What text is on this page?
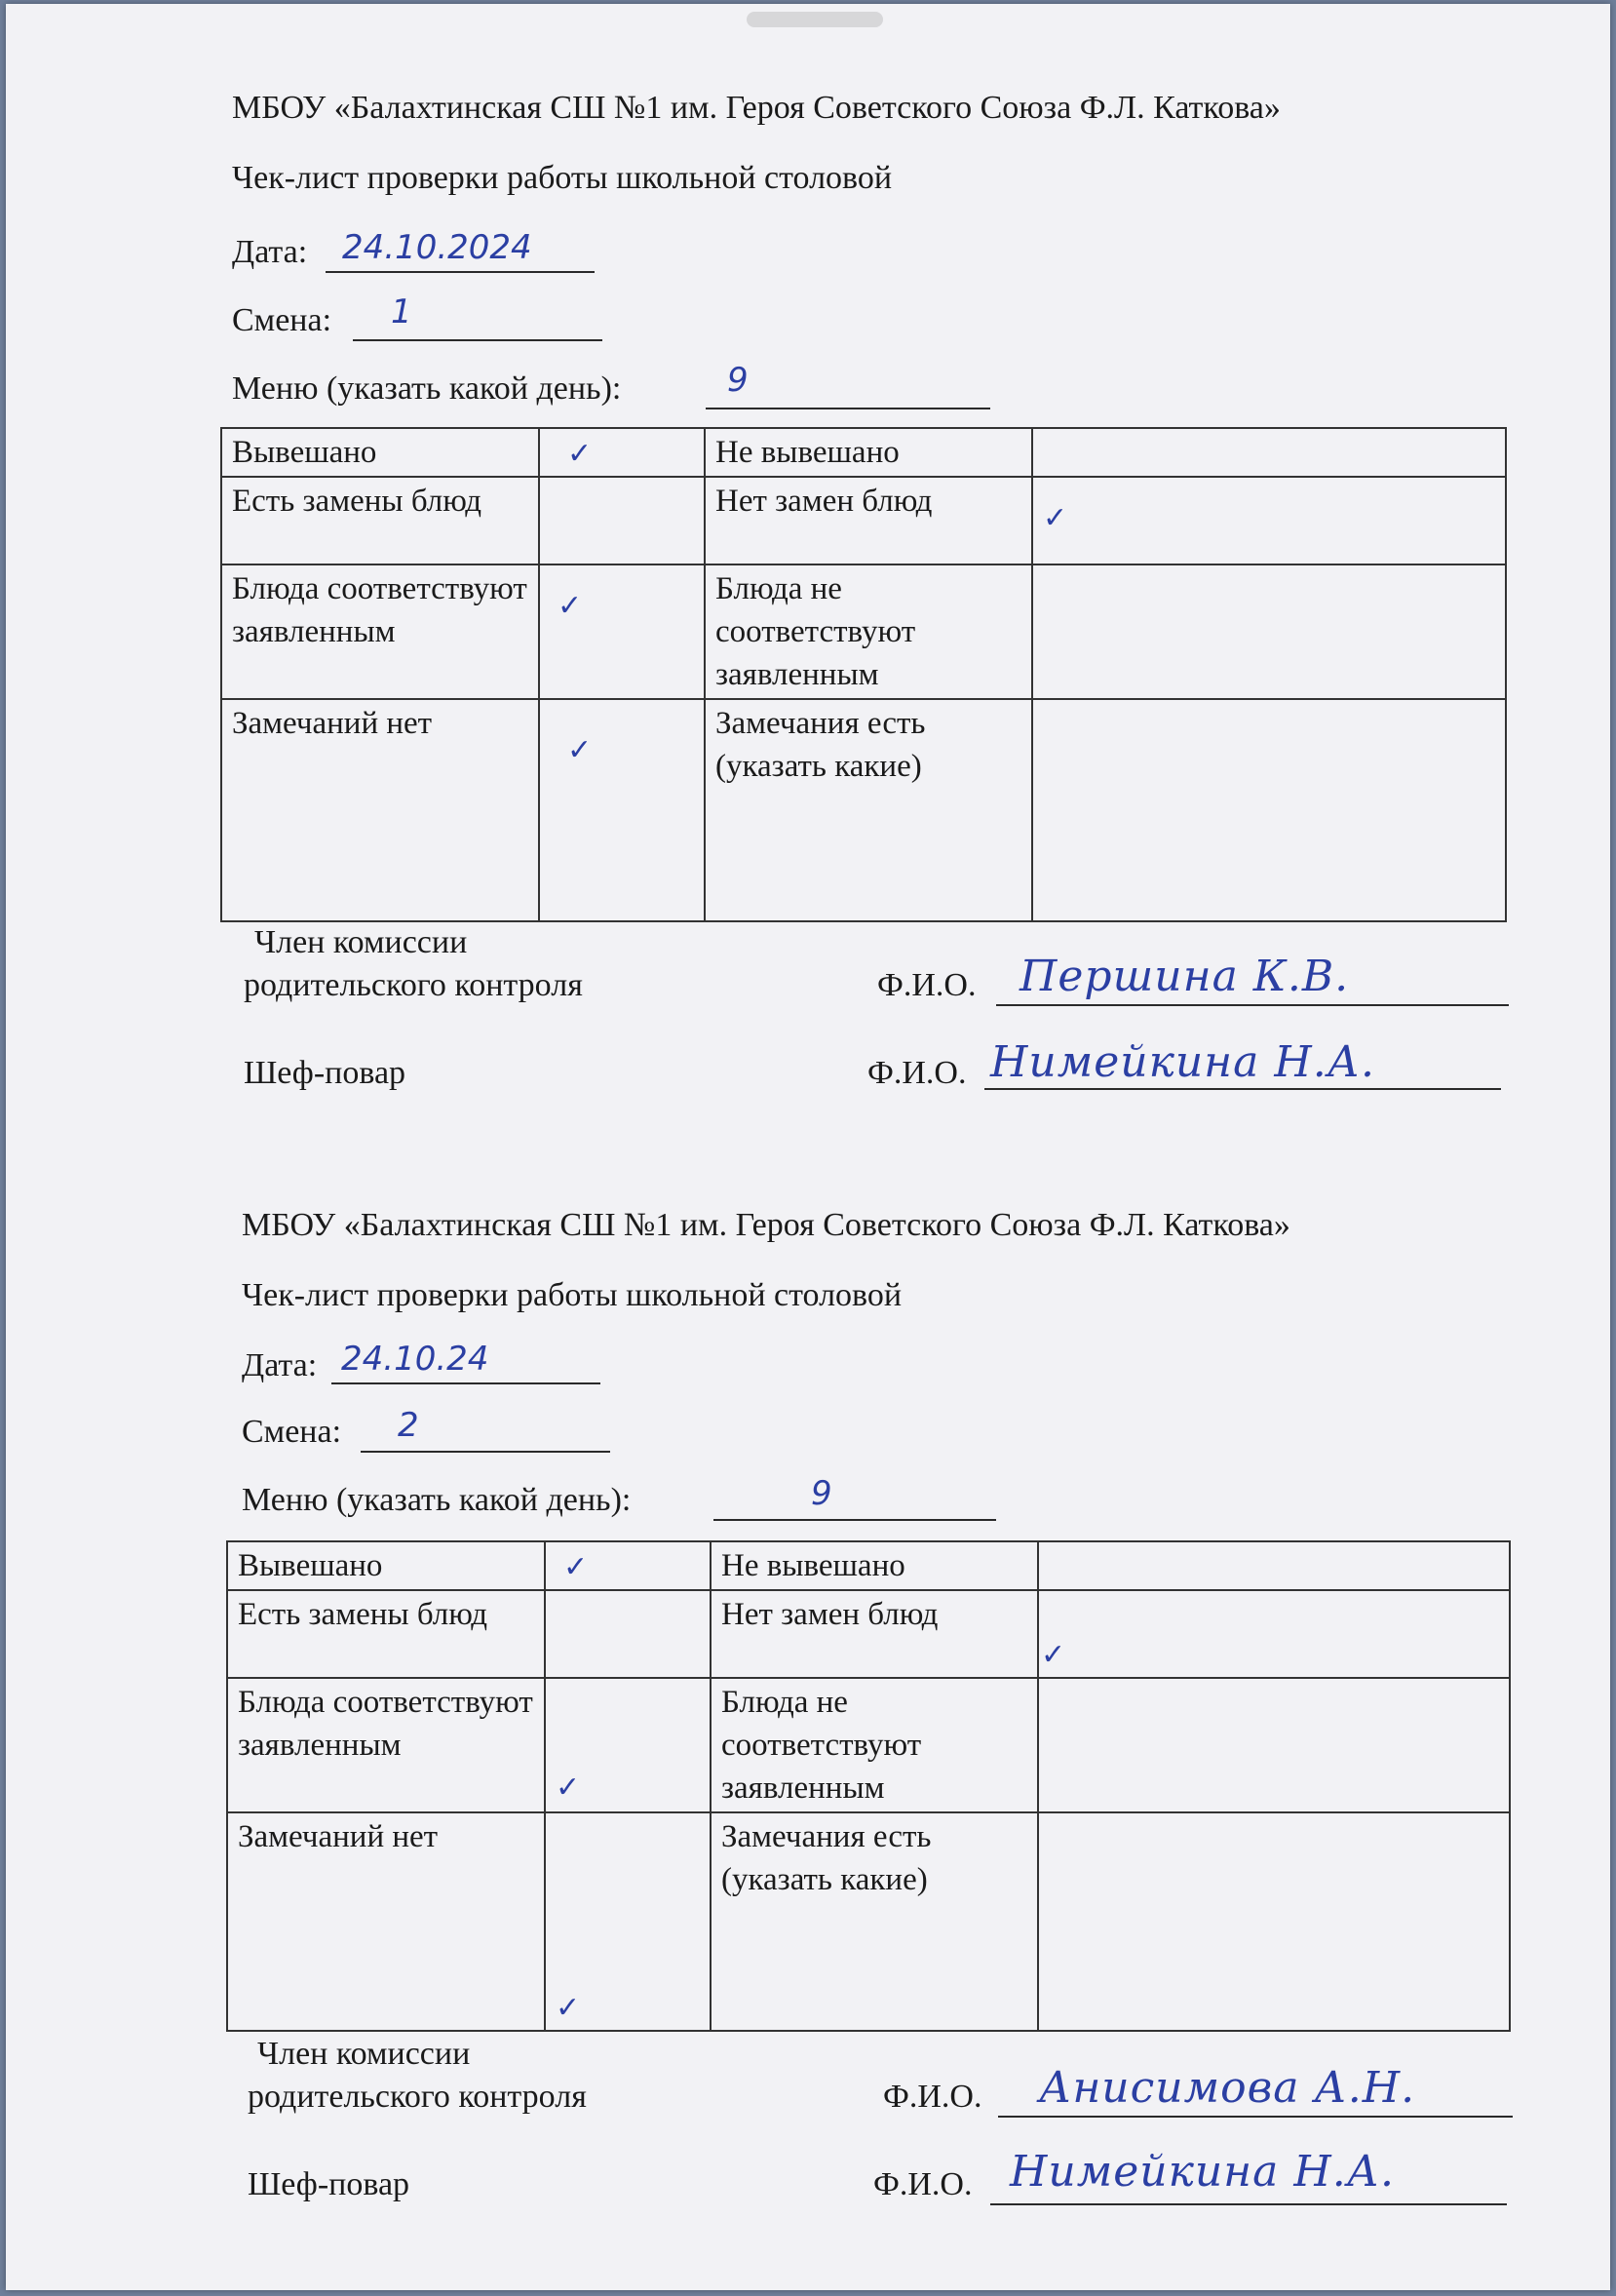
МБОУ «Балахтинская СШ №1 им. Героя Советского Союза Ф.Л. Каткова»
Чек-лист проверки работы школьной столовой
Дата: 24.10.2024
Смена: 1
Меню (указать какой день):	9
Вывешано	✓	Не вывешано	

Есть замены блюд		Нет замен блюд	✓

Блюда соответствуют заявленным	✓	Блюда не соответствуют заявленным	

Замечаний нет	✓	Замечания есть (указать какие)	
Член комиссии
родительского контроля	Ф.И.О. Першина К.В.
Шеф-повар	Ф.И.О. Нимейкина Н.А.
МБОУ «Балахтинская СШ №1 им. Героя Советского Союза Ф.Л. Каткова»
Чек-лист проверки работы школьной столовой
Дата: 24.10.24
Смена: 2
Меню (указать какой день):	9
Вывешано	✓	Не вывешано	

Есть замены блюд		Нет замен блюд	✓

Блюда соответствуют заявленным	✓	Блюда не соответствуют заявленным	

Замечаний нет	✓	Замечания есть (указать какие)	
Член комиссии
родительского контроля	Ф.И.О. Анисимова А.Н.
Шеф-повар	Ф.И.О. Нимейкина Н.А.
